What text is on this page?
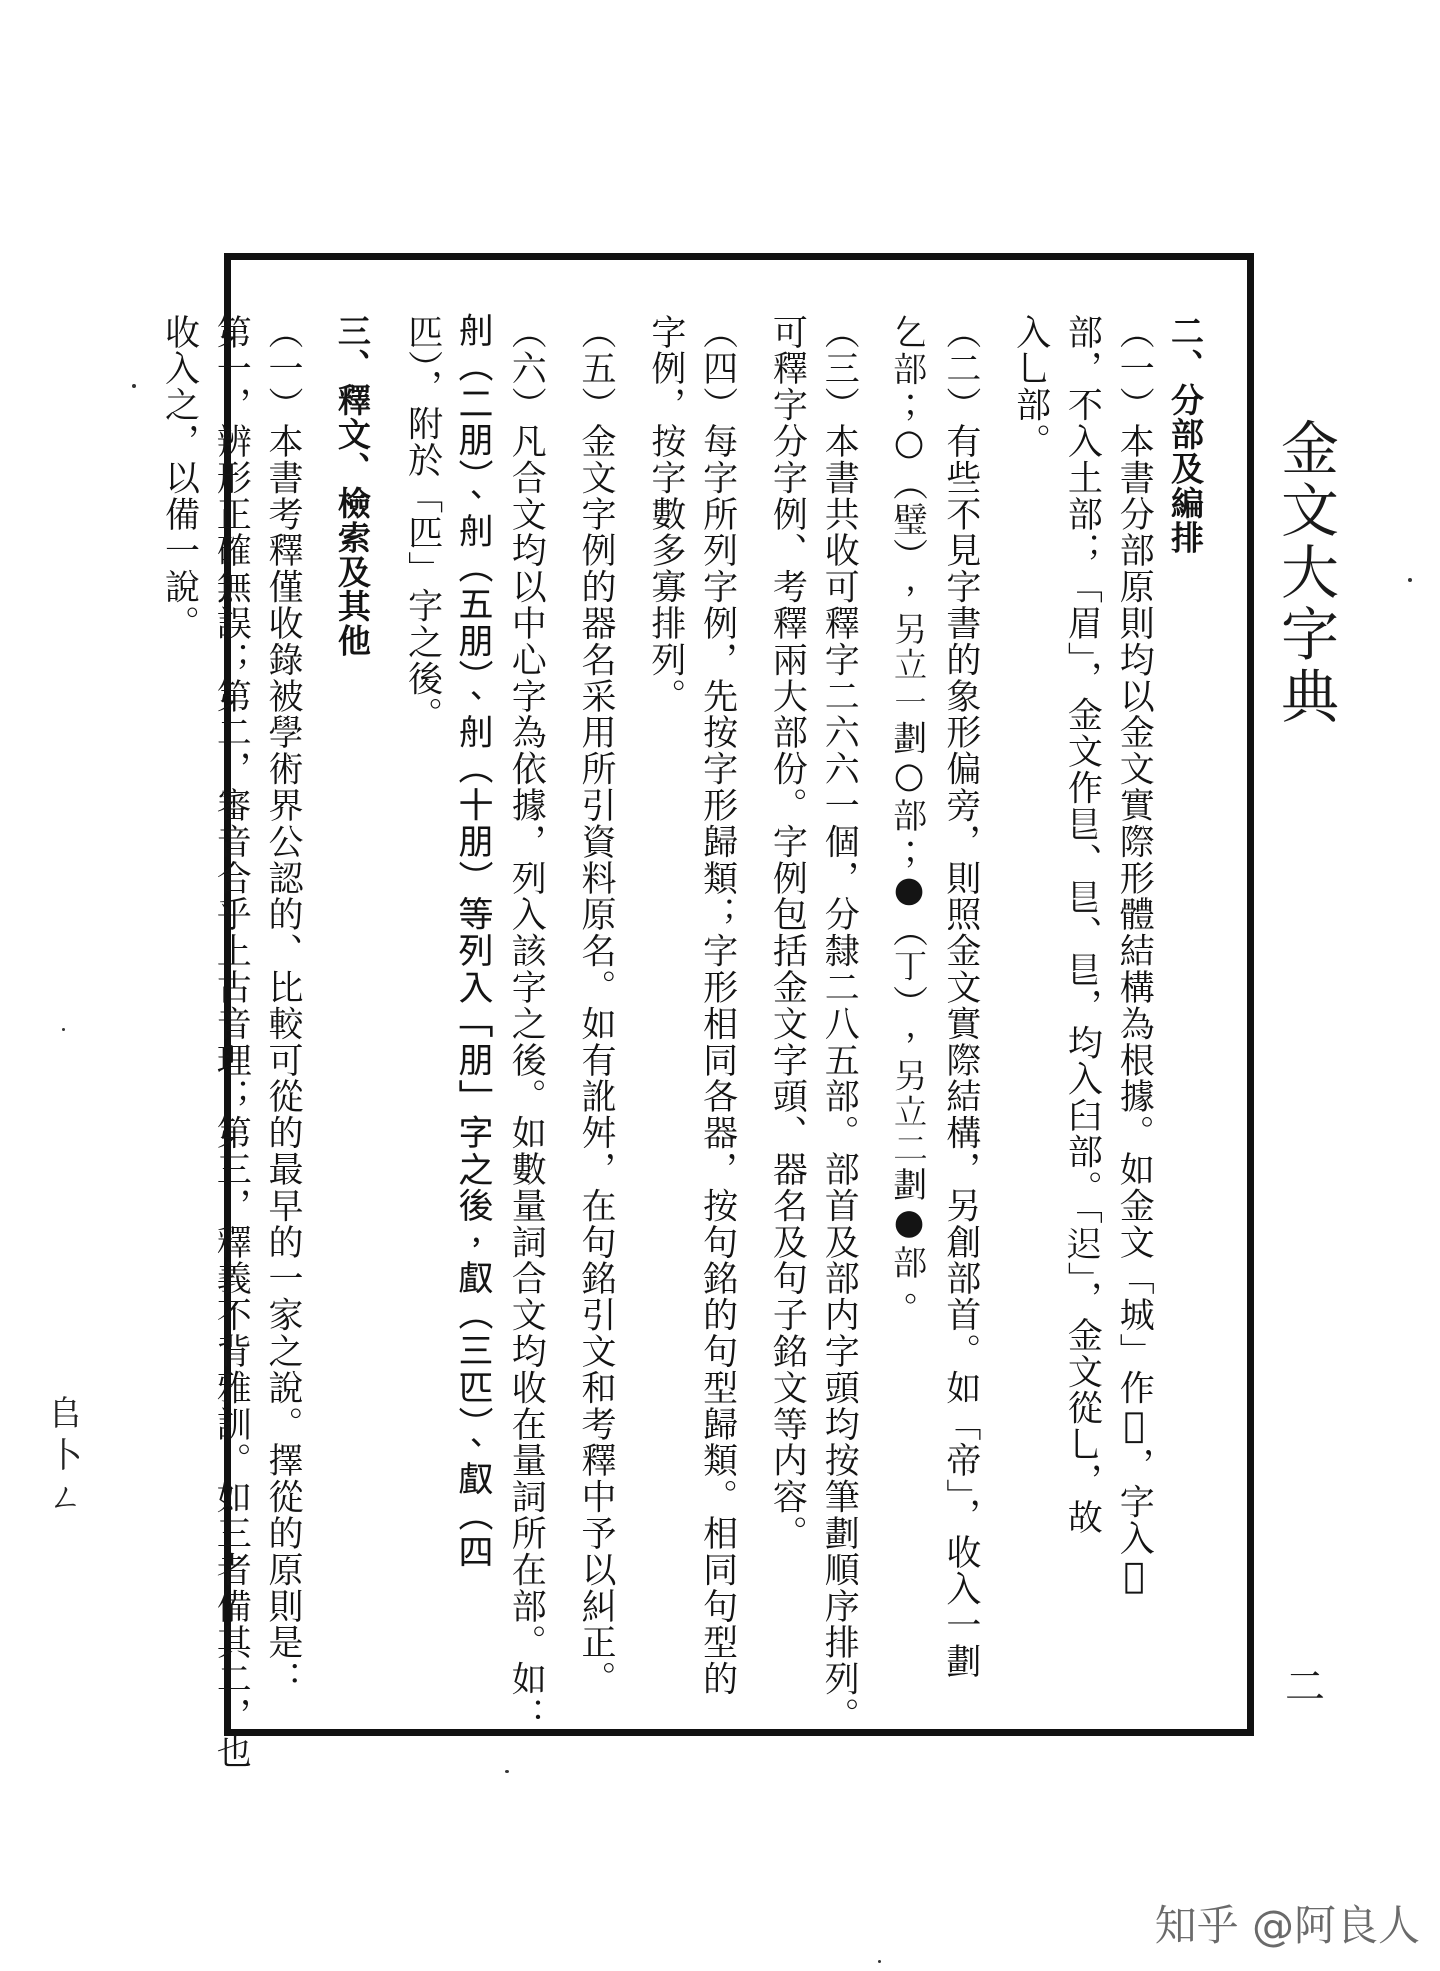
金文大字典
二
二、分部及編排
（一）本書分部原則均以金文實際形體結構為根據。如金文「城」作𩠀，字入𩫏
部，不入土部；「眉」，金文作𥃩、𥃩、𥃩，均入臼部。「𨒅」，金文從乚，故
入乚部。
（二）有些不見字書的象形偏旁，則照金文實際結構，另創部首。如「帝」，收入一劃
𠃉部；○（璧），另立一劃○部；●（丁），另立二劃●部。
（三）本書共收可釋字二六六一個，分隸二八五部。部首及部内字頭均按筆劃順序排列。
可釋字分字例、考釋兩大部份。字例包括金文字頭、器名及句子銘文等内容。
（四）每字所列字例，先按字形歸類；字形相同各器，按句銘的句型歸類。相同句型的
字例，按字數多寡排列。
（五）金文字例的器名采用所引資料原名。如有訛舛，在句銘引文和考釋中予以糾正。
（六）凡合文均以中心字為依據，列入該字之後。如數量詞合文均收在量詞所在部。如：
𦨉（二朋）、𦨉（五朋）、𦨉（十朋）等列入「朋」字之後，𠭯（三匹）、𠭯（四
匹），附於「匹」字之後。
三、釋文、檢索及其他
（一）本書考釋僅收錄被學術界公認的、比較可從的最早的一家之說。擇從的原則是：
第一，辨形正確無誤；第二，審音合乎上古音理；第三，釋義不背雅訓。如三者備其二，也
收入之，以備一說。
𠂤卜ㄥ
知乎 @阿良人
